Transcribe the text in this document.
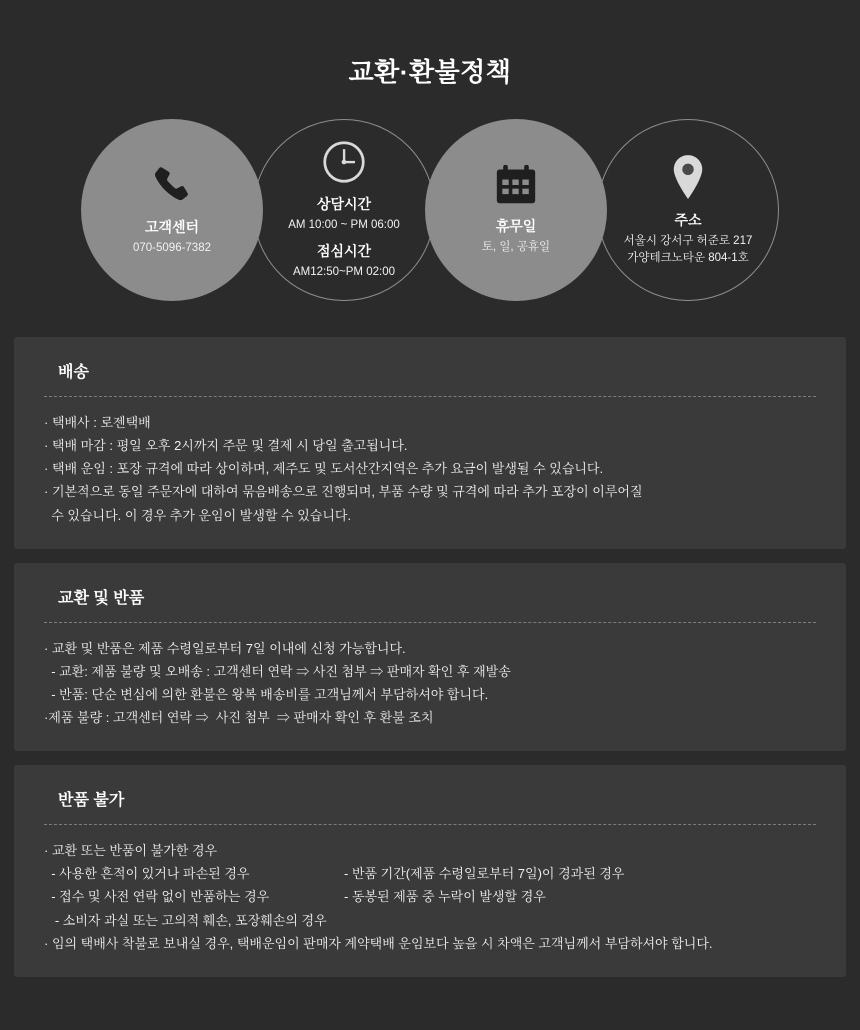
교환·환불정책
고객센터
070-5096-7382
상담시간
AM 10:00 ~ PM 06:00
점심시간
AM12:50~PM 02:00
휴무일
토, 일, 공휴일
주소
서울시 강서구 허준로 217
가양테크노타운 804-1호
배송
· 택배사 : 로젠택배
· 택배 마감 : 평일 오후 2시까지 주문 및 결제 시 당일 출고됩니다.
· 택배 운임 : 포장 규격에 따라 상이하며, 제주도 및 도서산간지역은 추가 요금이 발생될 수 있습니다.
· 기본적으로 동일 주문자에 대하여 묶음배송으로 진행되며, 부품 수량 및 규격에 따라 추가 포장이 이루어질
수 있습니다. 이 경우 추가 운임이 발생할 수 있습니다.
교환 및 반품
· 교환 및 반품은 제품 수령일로부터 7일 이내에 신청 가능합니다.
- 교환: 제품 불량 및 오배송 : 고객센터 연락 ⇒ 사진 첨부 ⇒ 판매자 확인 후 재발송
- 반품: 단순 변심에 의한 환불은 왕복 배송비를 고객님께서 부담하셔야 합니다.
·제품 불량 : 고객센터 연락 ⇒  사진 첨부  ⇒ 판매자 확인 후 환불 조치
반품 불가
· 교환 또는 반품이 불가한 경우
- 사용한 흔적이 있거나 파손된 경우	- 반품 기간(제품 수령일로부터 7일)이 경과된 경우
- 접수 및 사전 연락 없이 반품하는 경우	- 동봉된 제품 중 누락이 발생할 경우
- 소비자 과실 또는 고의적 훼손, 포장훼손의 경우
· 임의 택배사 착불로 보내실 경우, 택배운임이 판매자 계약택배 운임보다 높을 시 차액은 고객님께서 부담하셔야 합니다.
